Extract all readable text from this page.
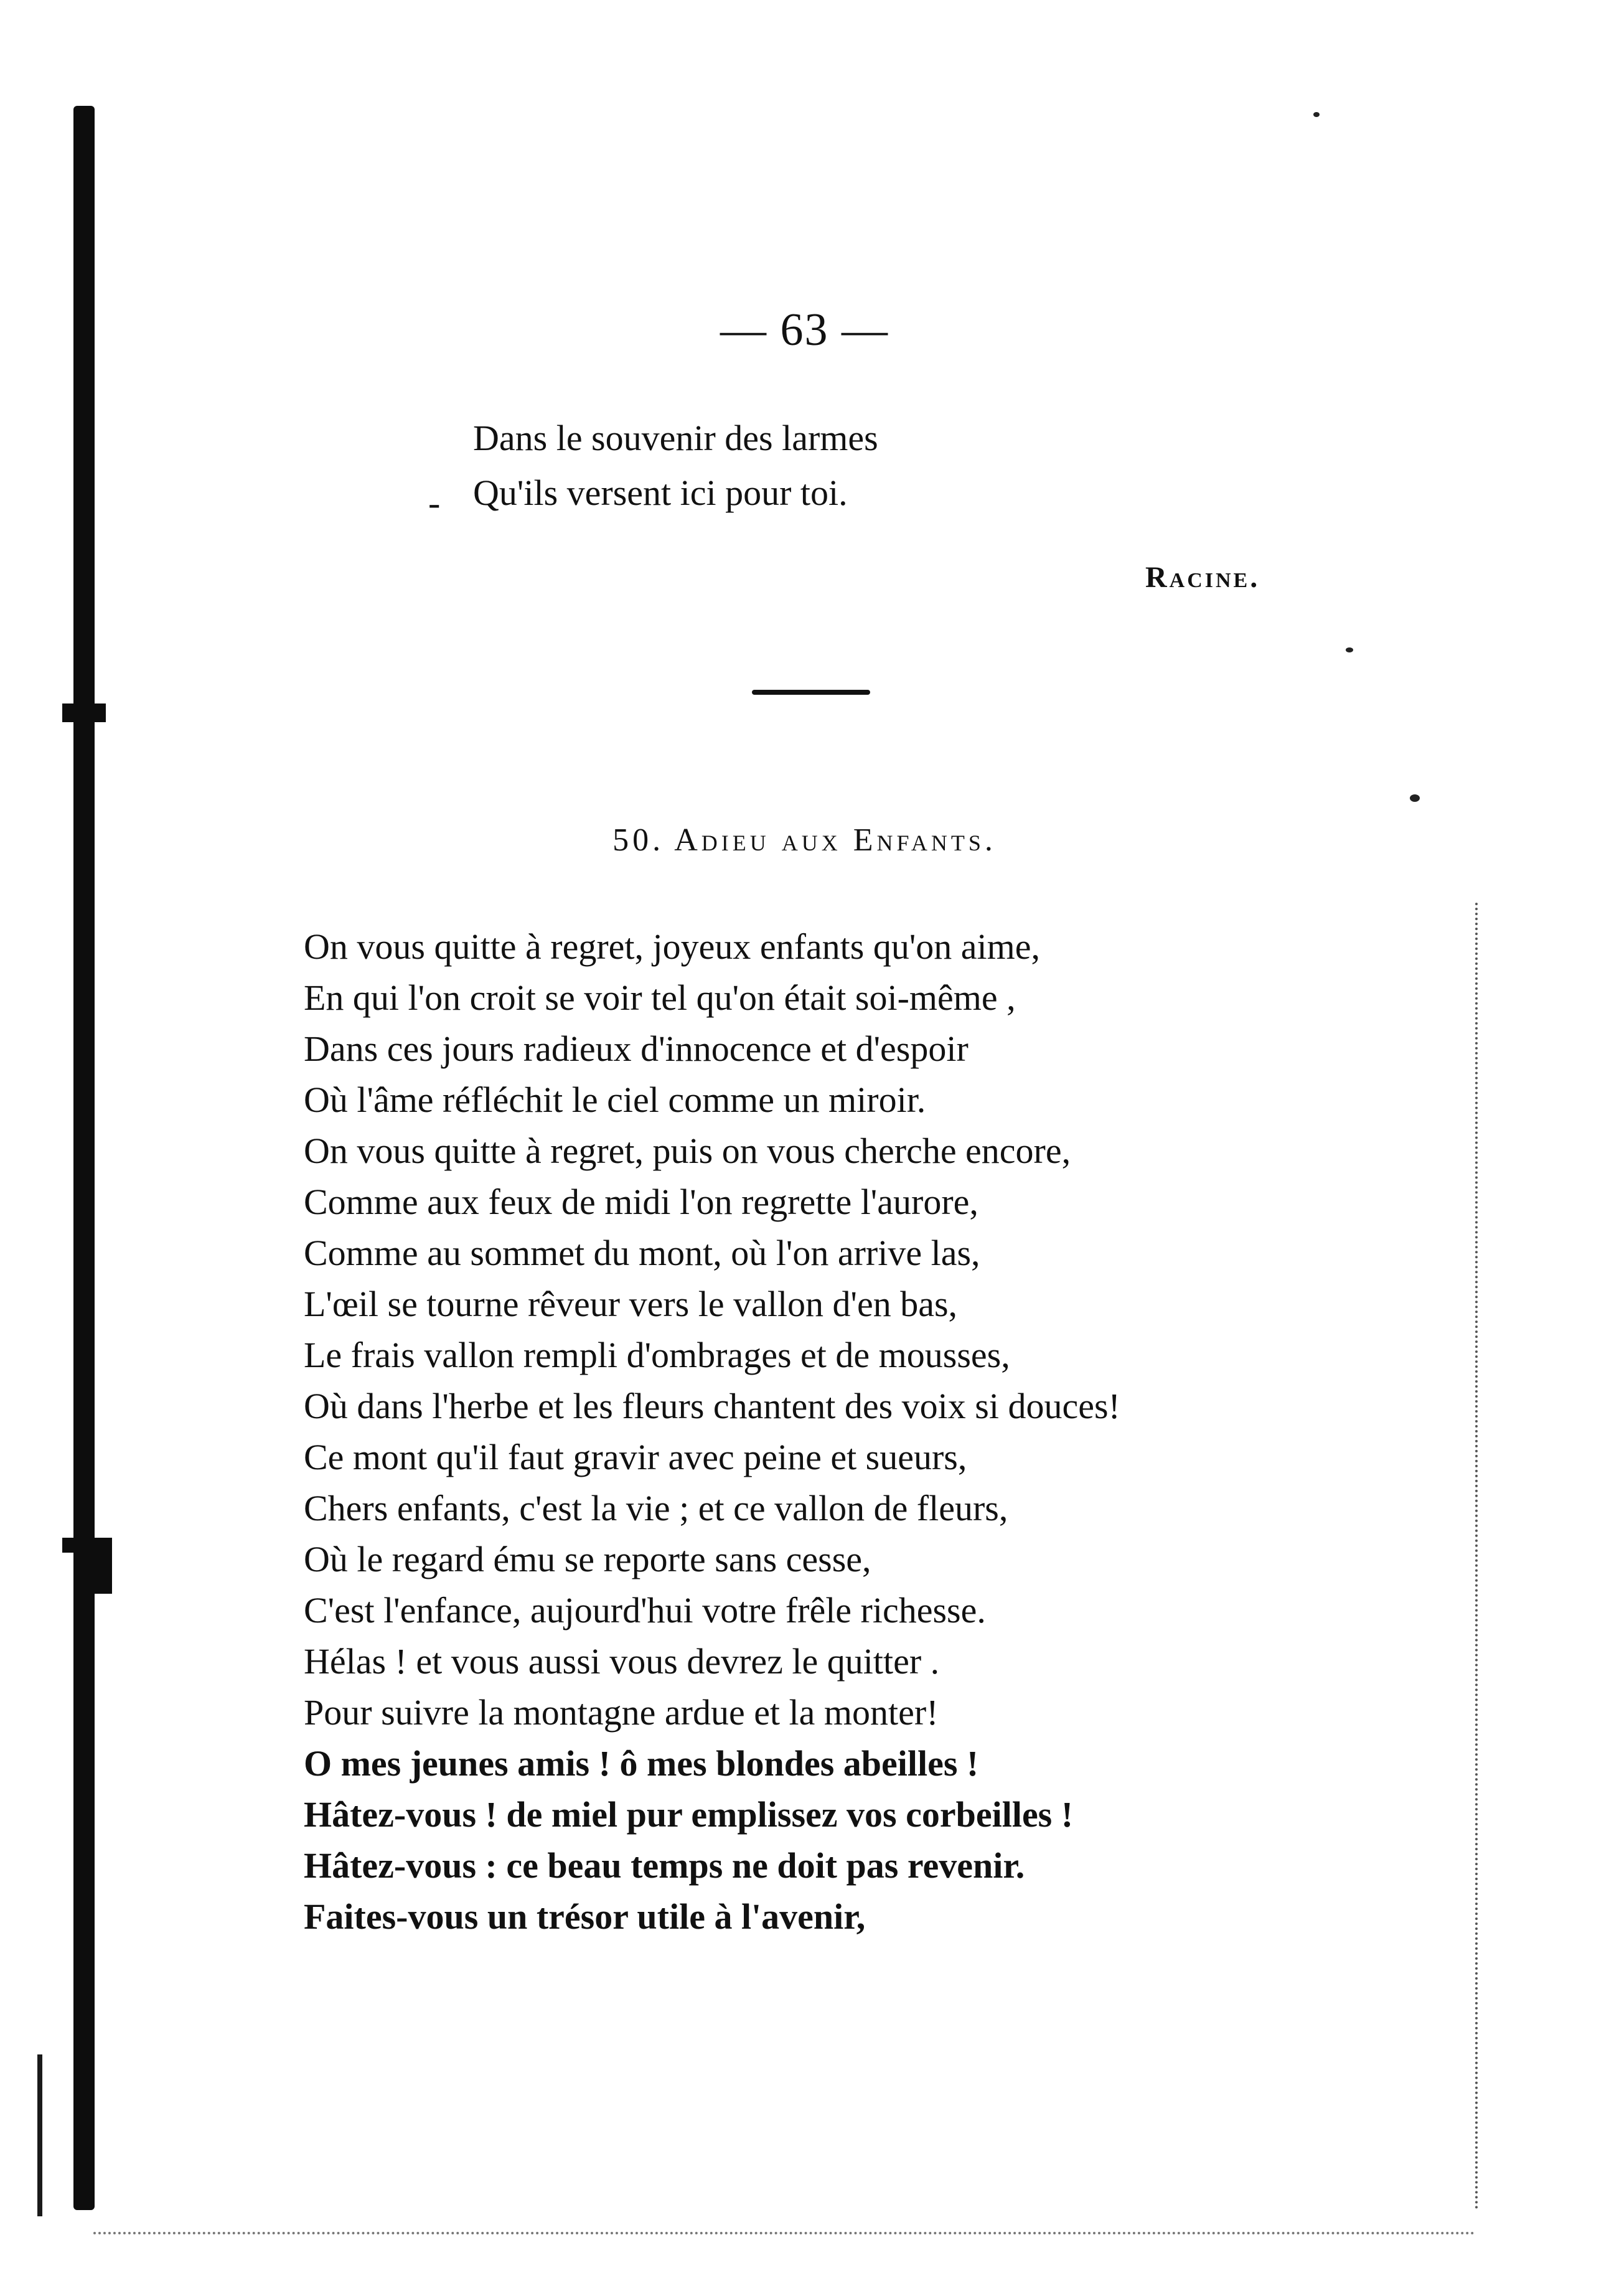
— 63 —
-
Dans le souvenir des larmes
Qu'ils versent ici pour toi.
Racine.
50. Adieu aux Enfants.
On vous quitte à regret, joyeux enfants qu'on aime,
En qui l'on croit se voir tel qu'on était soi-même ,
Dans ces jours radieux d'innocence et d'espoir
Où l'âme réfléchit le ciel comme un miroir.
On vous quitte à regret, puis on vous cherche encore,
Comme aux feux de midi l'on regrette l'aurore,
Comme au sommet du mont, où l'on arrive las,
L'œil se tourne rêveur vers le vallon d'en bas,
Le frais vallon rempli d'ombrages et de mousses,
Où dans l'herbe et les fleurs chantent des voix si douces!
Ce mont qu'il faut gravir avec peine et sueurs,
Chers enfants, c'est la vie ; et ce vallon de fleurs,
Où le regard ému se reporte sans cesse,
C'est l'enfance, aujourd'hui votre frêle richesse.
Hélas ! et vous aussi vous devrez le quitter .
Pour suivre la montagne ardue et la monter!
O mes jeunes amis ! ô mes blondes abeilles !
Hâtez-vous ! de miel pur emplissez vos corbeilles !
Hâtez-vous : ce beau temps ne doit pas revenir.
Faites-vous un trésor utile à l'avenir,
